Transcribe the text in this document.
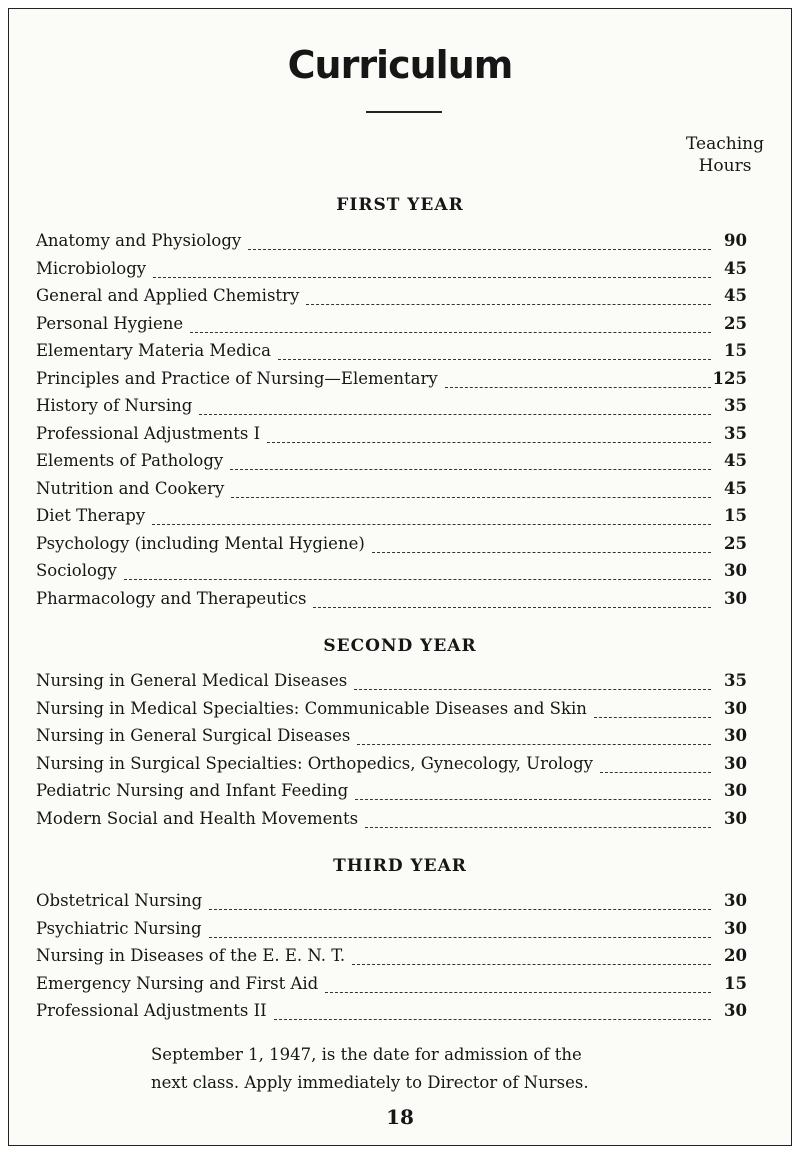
Curriculum
Teaching
Hours
FIRST YEAR
Anatomy and Physiology	90
Microbiology	45
General and Applied Chemistry	45
Personal Hygiene	25
Elementary Materia Medica	15
Principles and Practice of Nursing—Elementary	125
History of Nursing	35
Professional Adjustments I	35
Elements of Pathology	45
Nutrition and Cookery	45
Diet Therapy	15
Psychology (including Mental Hygiene)	25
Sociology	30
Pharmacology and Therapeutics	30
SECOND YEAR
Nursing in General Medical Diseases	35
Nursing in Medical Specialties: Communicable Diseases and Skin	30
Nursing in General Surgical Diseases	30
Nursing in Surgical Specialties: Orthopedics, Gynecology, Urology	30
Pediatric Nursing and Infant Feeding	30
Modern Social and Health Movements	30
THIRD YEAR
Obstetrical Nursing	30
Psychiatric Nursing	30
Nursing in Diseases of the E. E. N. T.	20
Emergency Nursing and First Aid	15
Professional Adjustments II	30
September 1, 1947, is the date for admission of the
next class. Apply immediately to Director of Nurses.
18
